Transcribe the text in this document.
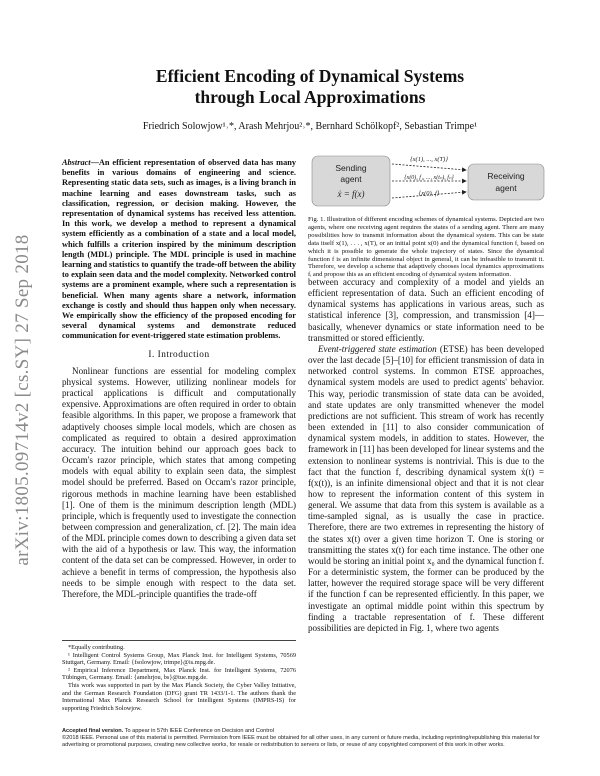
arXiv:1805.09714v2 [cs.SY] 27 Sep 2018
Efficient Encoding of Dynamical Systems
through Local Approximations
Friedrich Solowjow¹˒*, Arash Mehrjou²˒*, Bernhard Schölkopf², Sebastian Trimpe¹
Abstract—An efficient representation of observed data has many benefits in various domains of engineering and science. Representing static data sets, such as images, is a living branch in machine learning and eases downstream tasks, such as classification, regression, or decision making. However, the representation of dynamical systems has received less attention. In this work, we develop a method to represent a dynamical system efficiently as a combination of a state and a local model, which fulfills a criterion inspired by the minimum description length (MDL) principle. The MDL principle is used in machine learning and statistics to quantify the trade-off between the ability to explain seen data and the model complexity. Networked control systems are a prominent example, where such a representation is beneficial. When many agents share a network, information exchange is costly and should thus happen only when necessary. We empirically show the efficiency of the proposed encoding for several dynamical systems and demonstrate reduced communication for event-triggered state estimation problems.
I. Introduction

Nonlinear functions are essential for modeling complex physical systems. However, utilizing nonlinear models for practical applications is difficult and computationally expensive. Approximations are often required in order to obtain feasible algorithms. In this paper, we propose a framework that adaptively chooses simple local models, which are chosen as complicated as required to obtain a desired approximation accuracy. The intuition behind our approach goes back to Occam's razor principle, which states that among competing models with equal ability to explain seen data, the simplest model should be preferred. Based on Occam's razor principle, rigorous methods in machine learning have been established [1]. One of them is the minimum description length (MDL) principle, which is frequently used to investigate the connection between compression and generalization, cf. [2]. The main idea of the MDL principle comes down to describing a given data set with the aid of a hypothesis or law. This way, the information content of the data set can be compressed. However, in order to achieve a benefit in terms of compression, the hypothesis also needs to be simple enough with respect to the data set. Therefore, the MDL-principle quantifies the trade-off

*Equally contributing.
¹ Intelligent Control Systems Group, Max Planck Inst. for Intelligent Systems, 70569 Stuttgart, Germany. Email: {fsolowjow, trimpe}@is.mpg.de.
² Empirical Inference Department, Max Planck Inst. for Intelligent Systems, 72076 Tübingen, Germany. Email: {amehrjou, bs}@tue.mpg.de.
This work was supported in part by the Max Planck Society, the Cyber Valley Initiative, and the German Research Foundation (DFG) grant TR 1433/1-1. The authors thank the International Max Planck Research School for Intelligent Systems (IMPRS-IS) for supporting Friedrich Solowjow.
Sending
agent
ẋ = f(x)
Receiving
agent
{x(1), ..., x(T)}
{x(0), f₁, ..., x(tₙ), fₙ}
{x(0), f}
Fig. 1. Illustration of different encoding schemes of dynamical systems. Depicted are two agents, where one receiving agent requires the states of a sending agent. There are many possibilities how to transmit information about the dynamical system. This can be state data itself x(1), . . . , x(T), or an initial point x(0) and the dynamical function f, based on which it is possible to generate the whole trajectory of states. Since the dynamical function f is an infinite dimensional object in general, it can be infeasible to transmit it. Therefore, we develop a scheme that adaptively chooses local dynamics approximations fᵢ and propose this as an efficient encoding of dynamical system information.
between accuracy and complexity of a model and yields an efficient representation of data. Such an efficient encoding of dynamical systems has applications in various areas, such as statistical inference [3], compression, and transmission [4]—basically, whenever dynamics or state information need to be transmitted or stored efficiently.

Event-triggered state estimation (ETSE) has been developed over the last decade [5]–[10] for efficient transmission of data in networked control systems. In common ETSE approaches, dynamical system models are used to predict agents' behavior. This way, periodic transmission of state data can be avoided, and state updates are only transmitted whenever the model predictions are not sufficient. This stream of work has recently been extended in [11] to also consider communication of dynamical system models, in addition to states. However, the framework in [11] has been developed for linear systems and the extension to nonlinear systems is nontrivial. This is due to the fact that the function f, describing dynamical system ẋ(t) = f(x(t)), is an infinite dimensional object and that it is not clear how to represent the information content of this system in general. We assume that data from this system is available as a time-sampled signal, as is usually the case in practice. Therefore, there are two extremes in representing the history of the states x(t) over a given time horizon T. One is storing or transmitting the states x(t) for each time instance. The other one would be storing an initial point x₀ and the dynamical function f. For a deterministic system, the former can be produced by the latter, however the required storage space will be very different if the function f can be represented efficiently. In this paper, we investigate an optimal middle point within this spectrum by finding a tractable representation of f. These different possibilities are depicted in Fig. 1, where two agents

Accepted final version. To appear in 57th IEEE Conference on Decision and Control
©2018 IEEE. Personal use of this material is permitted. Permission from IEEE must be obtained for all other uses, in any current or future media, including reprinting/republishing this material for advertising or promotional purposes, creating new collective works, for resale or redistribution to servers or lists, or reuse of any copyrighted component of this work in other works.
